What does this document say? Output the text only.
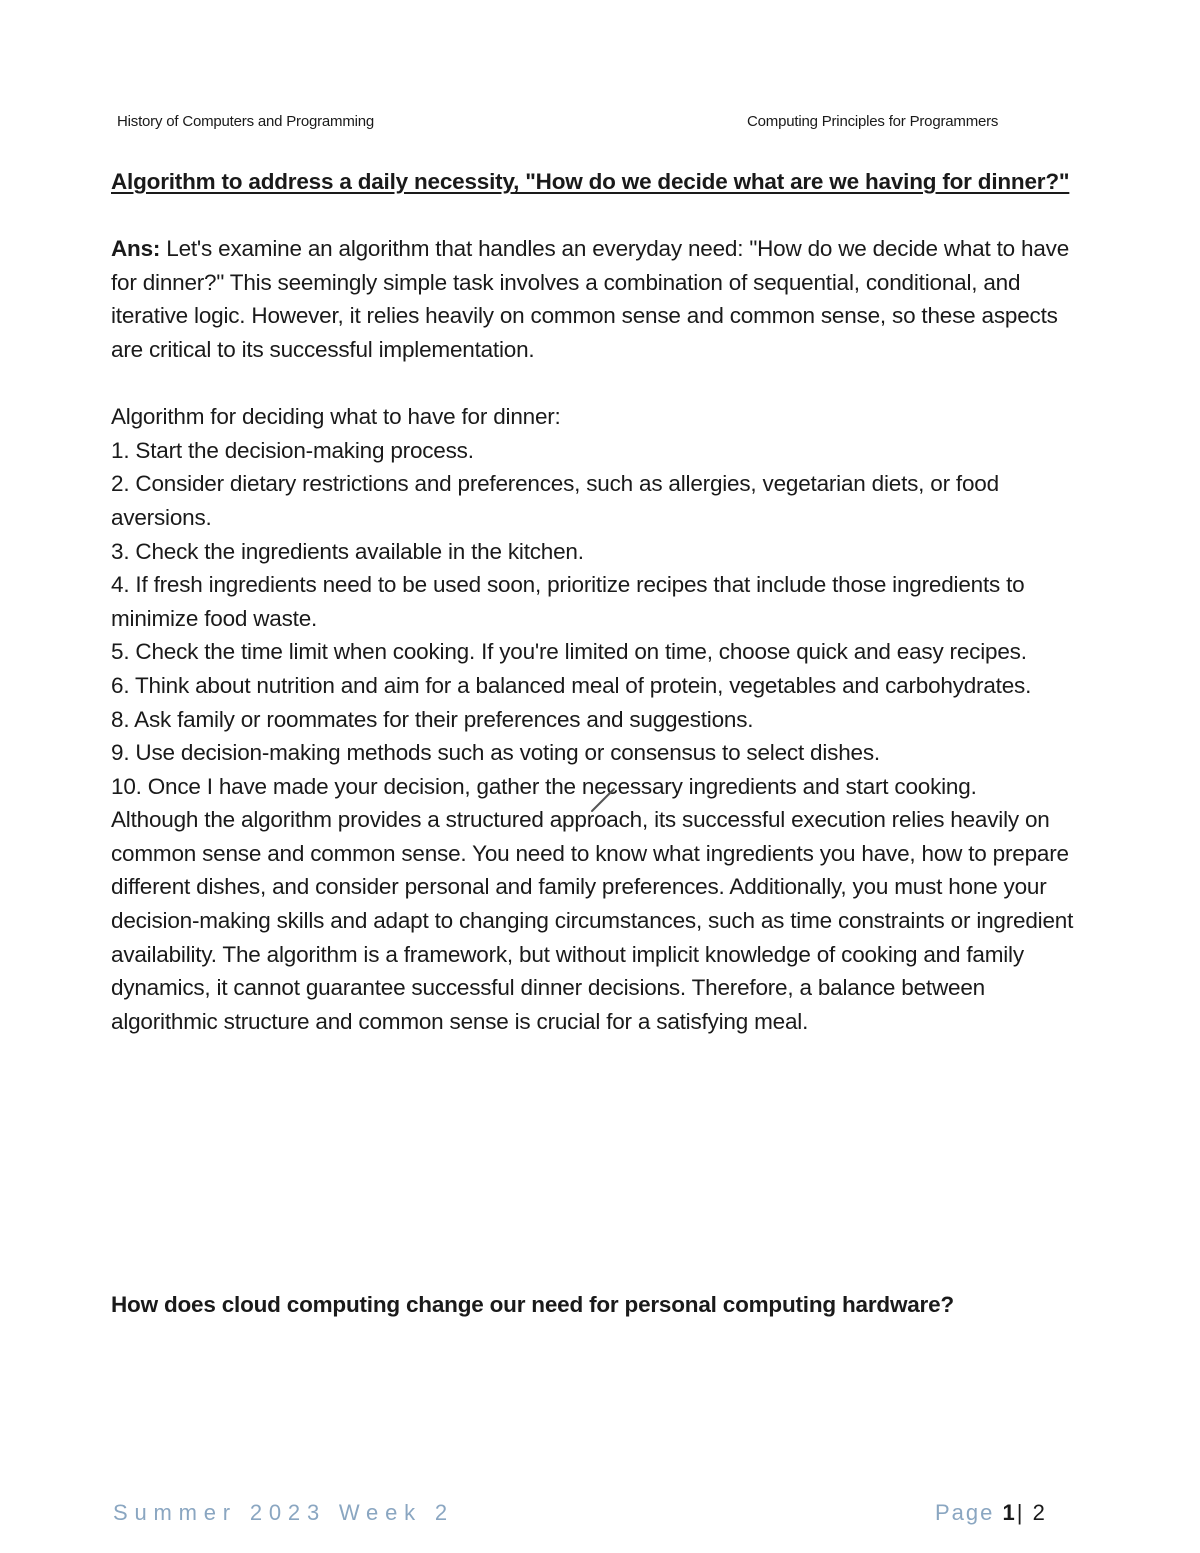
History of Computers and Programming	Computing Principles for Programmers

Algorithm to address a daily necessity, "How do we decide what are we having for dinner?"

Ans: Let's examine an algorithm that handles an everyday need: "How do we decide what to have for dinner?" This seemingly simple task involves a combination of sequential, conditional, and iterative logic. However, it relies heavily on common sense and common sense, so these aspects are critical to its successful implementation.

Algorithm for deciding what to have for dinner:

1. Start the decision-making process.
2. Consider dietary restrictions and preferences, such as allergies, vegetarian diets, or food aversions.
3. Check the ingredients available in the kitchen.
4. If fresh ingredients need to be used soon, prioritize recipes that include those ingredients to minimize food waste.
5. Check the time limit when cooking. If you're limited on time, choose quick and easy recipes.
6. Think about nutrition and aim for a balanced meal of protein, vegetables and carbohydrates.
8. Ask family or roommates for their preferences and suggestions.
9. Use decision-making methods such as voting or consensus to select dishes.
10. Once I have made your decision, gather the necessary ingredients and start cooking.

Although the algorithm provides a structured approach, its successful execution relies heavily on common sense and common sense. You need to know what ingredients you have, how to prepare different dishes, and consider personal and family preferences. Additionally, you must hone your decision-making skills and adapt to changing circumstances, such as time constraints or ingredient availability. The algorithm is a framework, but without implicit knowledge of cooking and family dynamics, it cannot guarantee successful dinner decisions. Therefore, a balance between algorithmic structure and common sense is crucial for a satisfying meal.

How does cloud computing change our need for personal computing hardware?
Summer 2023 Week 2	Page 1| 2
